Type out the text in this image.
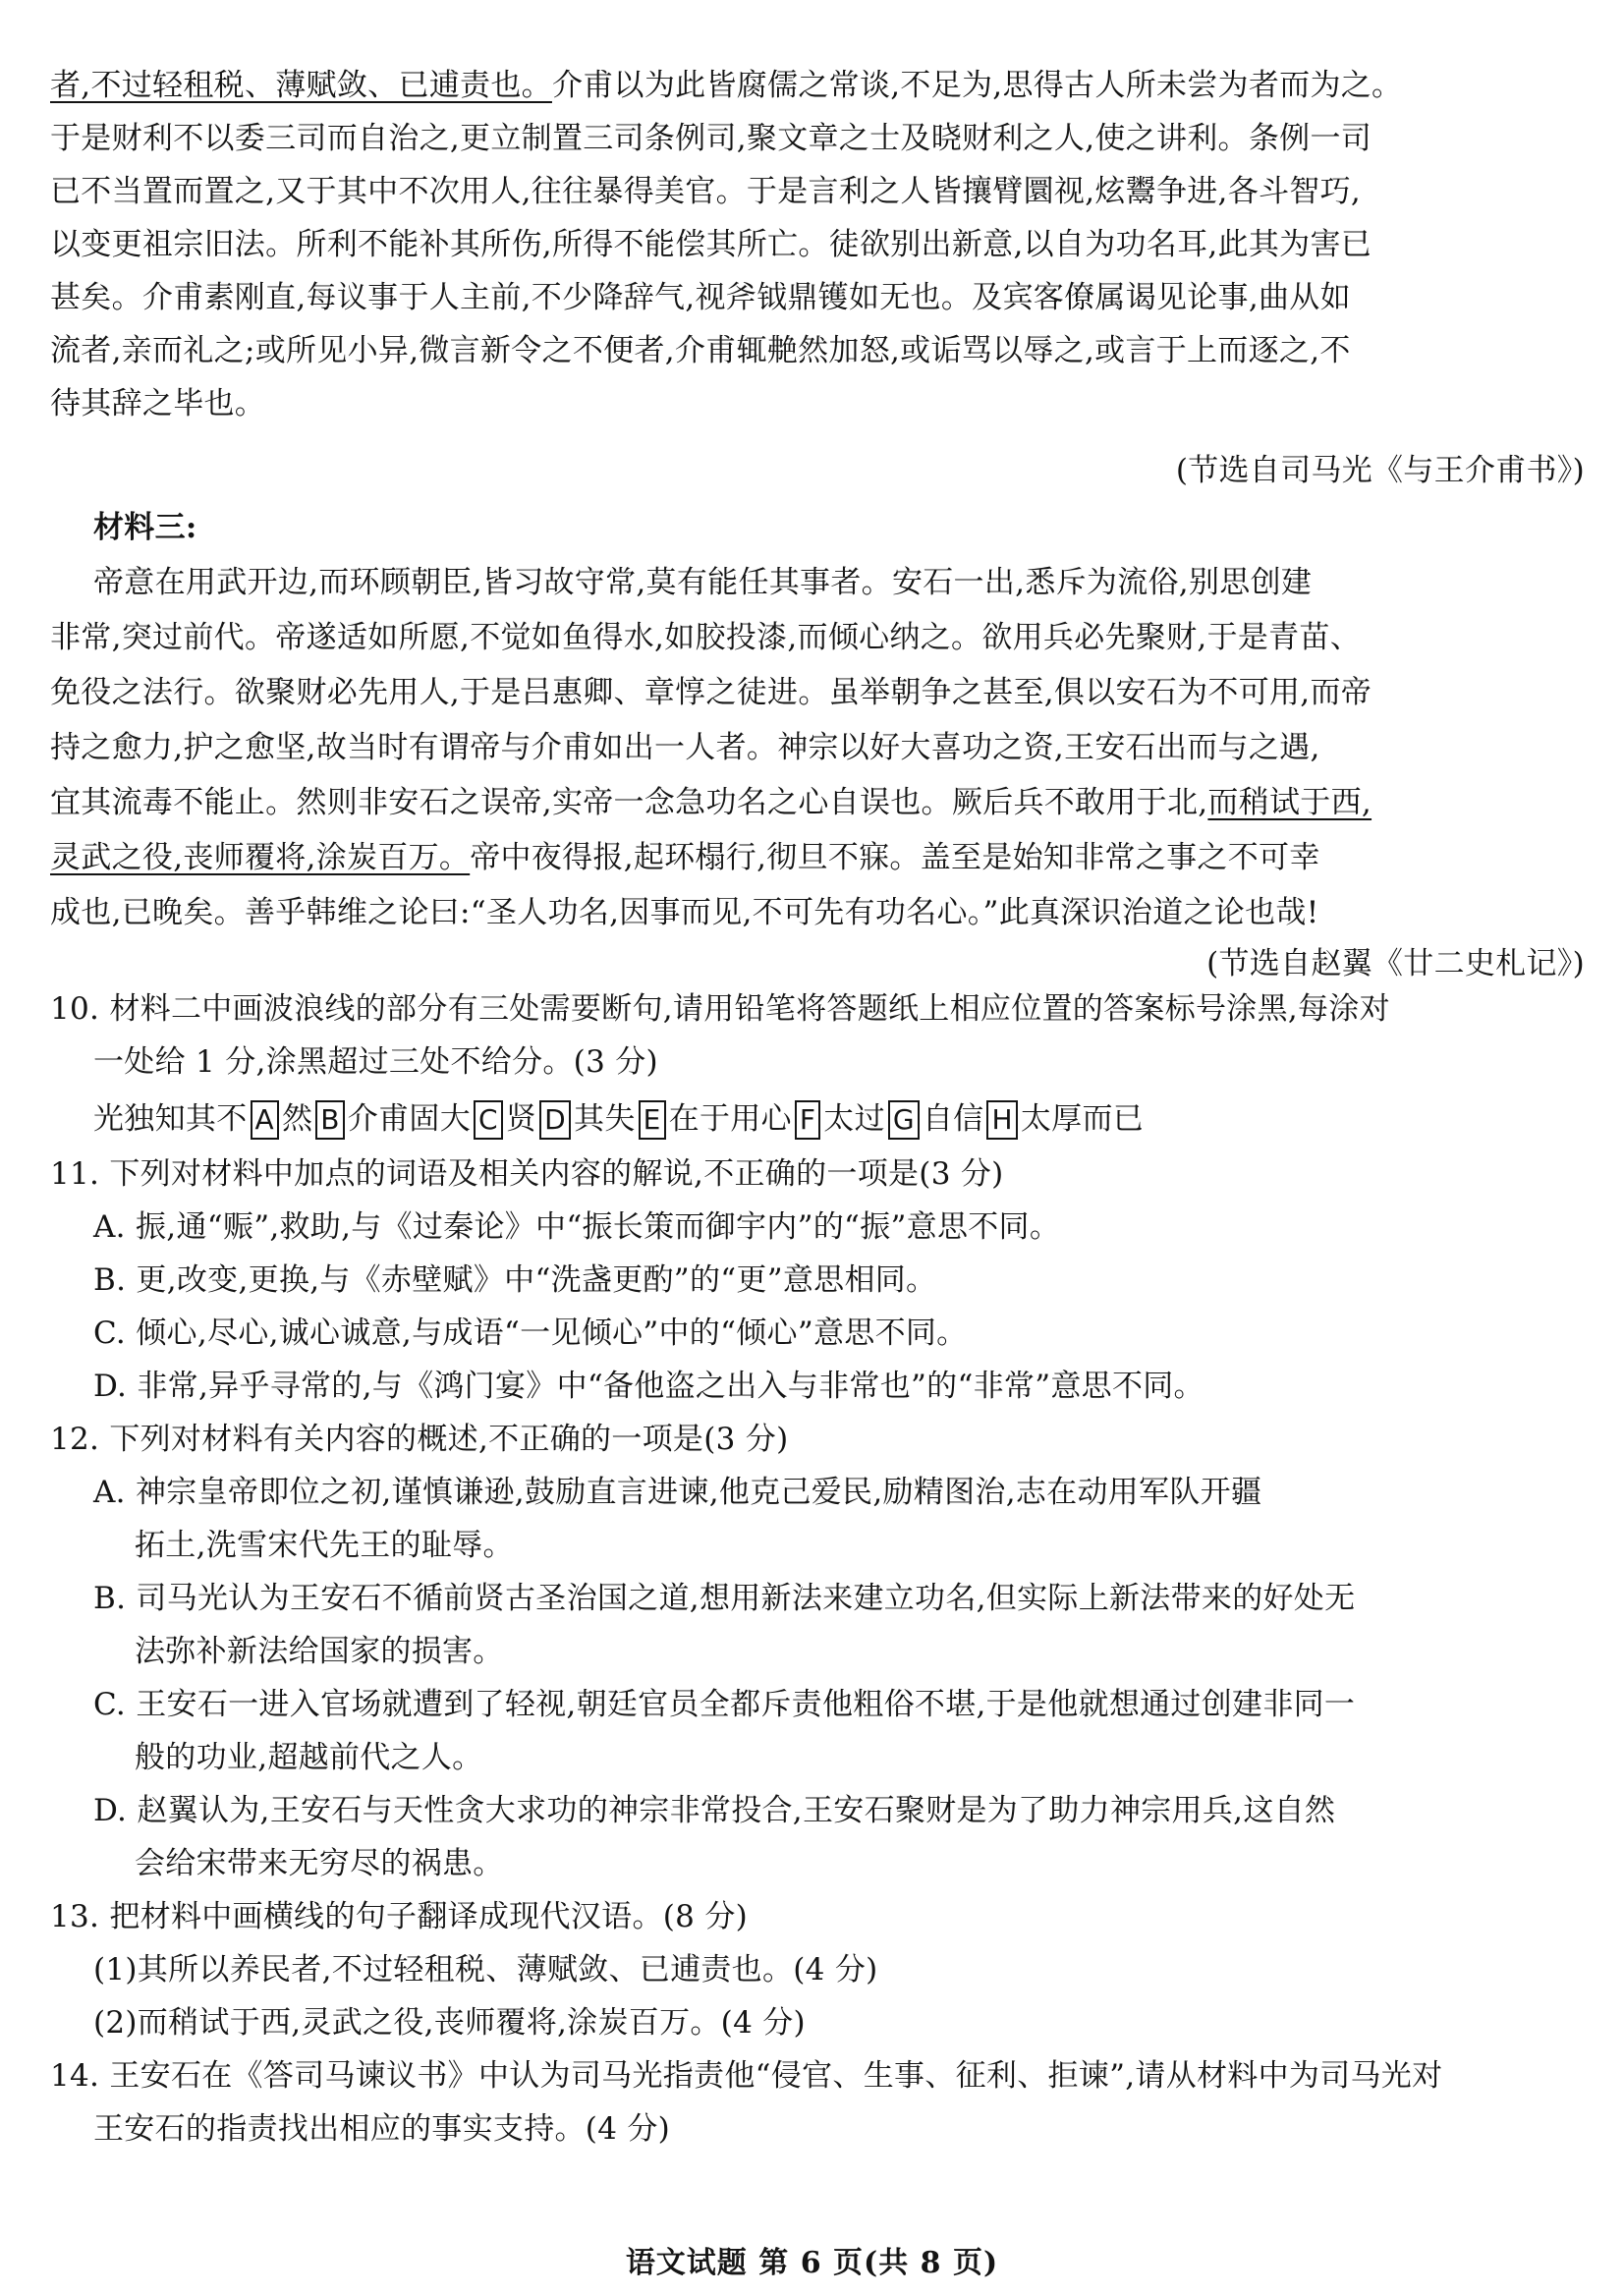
者,不过轻租税、薄赋敛、已逋责也。介甫以为此皆腐儒之常谈,不足为,思得古人所未尝为者而为之。

于是财利不以委三司而自治之,更立制置三司条例司,聚文章之士及晓财利之人,使之讲利。条例一司

已不当置而置之,又于其中不次用人,往往暴得美官。于是言利之人皆攘臂圜视,炫鬻争进,各斗智巧,

以变更祖宗旧法。所利不能补其所伤,所得不能偿其所亡。徒欲别出新意,以自为功名耳,此其为害已

甚矣。介甫素刚直,每议事于人主前,不少降辞气,视斧钺鼎镬如无也。及宾客僚属谒见论事,曲从如

流者,亲而礼之;或所见小异,微言新令之不便者,介甫辄艴然加怒,或诟骂以辱之,或言于上而逐之,不

待其辞之毕也。

(节选自司马光《与王介甫书》)

材料三:

帝意在用武开边,而环顾朝臣,皆习故守常,莫有能任其事者。安石一出,悉斥为流俗,别思创建

非常,突过前代。帝遂适如所愿,不觉如鱼得水,如胶投漆,而倾心纳之。欲用兵必先聚财,于是青苗、

免役之法行。欲聚财必先用人,于是吕惠卿、章惇之徒进。虽举朝争之甚至,俱以安石为不可用,而帝

持之愈力,护之愈坚,故当时有谓帝与介甫如出一人者。神宗以好大喜功之资,王安石出而与之遇,

宜其流毒不能止。然则非安石之误帝,实帝一念急功名之心自误也。厥后兵不敢用于北,而稍试于西,

灵武之役,丧师覆将,涂炭百万。帝中夜得报,起环榻行,彻旦不寐。盖至是始知非常之事之不可幸

成也,已晚矣。善乎韩维之论曰:“圣人功名,因事而见,不可先有功名心。”此真深识治道之论也哉!

(节选自赵翼《廿二史札记》)

10. 材料二中画波浪线的部分有三处需要断句,请用铅笔将答题纸上相应位置的答案标号涂黑,每涂对

一处给 1 分,涂黑超过三处不给分。(3 分)

光独知其不 A 然 B 介甫固大 C 贤 D 其失 E 在于用心 F 太过 G 自信 H 太厚而已

11. 下列对材料中加点的词语及相关内容的解说,不正确的一项是(3 分)

A. 振,通“赈”,救助,与《过秦论》中“振长策而御宇内”的“振”意思不同。

B. 更,改变,更换,与《赤壁赋》中“洗盏更酌”的“更”意思相同。

C. 倾心,尽心,诚心诚意,与成语“一见倾心”中的“倾心”意思不同。

D. 非常,异乎寻常的,与《鸿门宴》中“备他盗之出入与非常也”的“非常”意思不同。

12. 下列对材料有关内容的概述,不正确的一项是(3 分)

A. 神宗皇帝即位之初,谨慎谦逊,鼓励直言进谏,他克己爱民,励精图治,志在动用军队开疆

拓土,洗雪宋代先王的耻辱。

B. 司马光认为王安石不循前贤古圣治国之道,想用新法来建立功名,但实际上新法带来的好处无

法弥补新法给国家的损害。

C. 王安石一进入官场就遭到了轻视,朝廷官员全都斥责他粗俗不堪,于是他就想通过创建非同一

般的功业,超越前代之人。

D. 赵翼认为,王安石与天性贪大求功的神宗非常投合,王安石聚财是为了助力神宗用兵,这自然

会给宋带来无穷尽的祸患。

13. 把材料中画横线的句子翻译成现代汉语。(8 分)

(1)其所以养民者,不过轻租税、薄赋敛、已逋责也。(4 分)

(2)而稍试于西,灵武之役,丧师覆将,涂炭百万。(4 分)

14. 王安石在《答司马谏议书》中认为司马光指责他“侵官、生事、征利、拒谏”,请从材料中为司马光对

王安石的指责找出相应的事实支持。(4 分)

语文试题 第 6 页(共 8 页)
